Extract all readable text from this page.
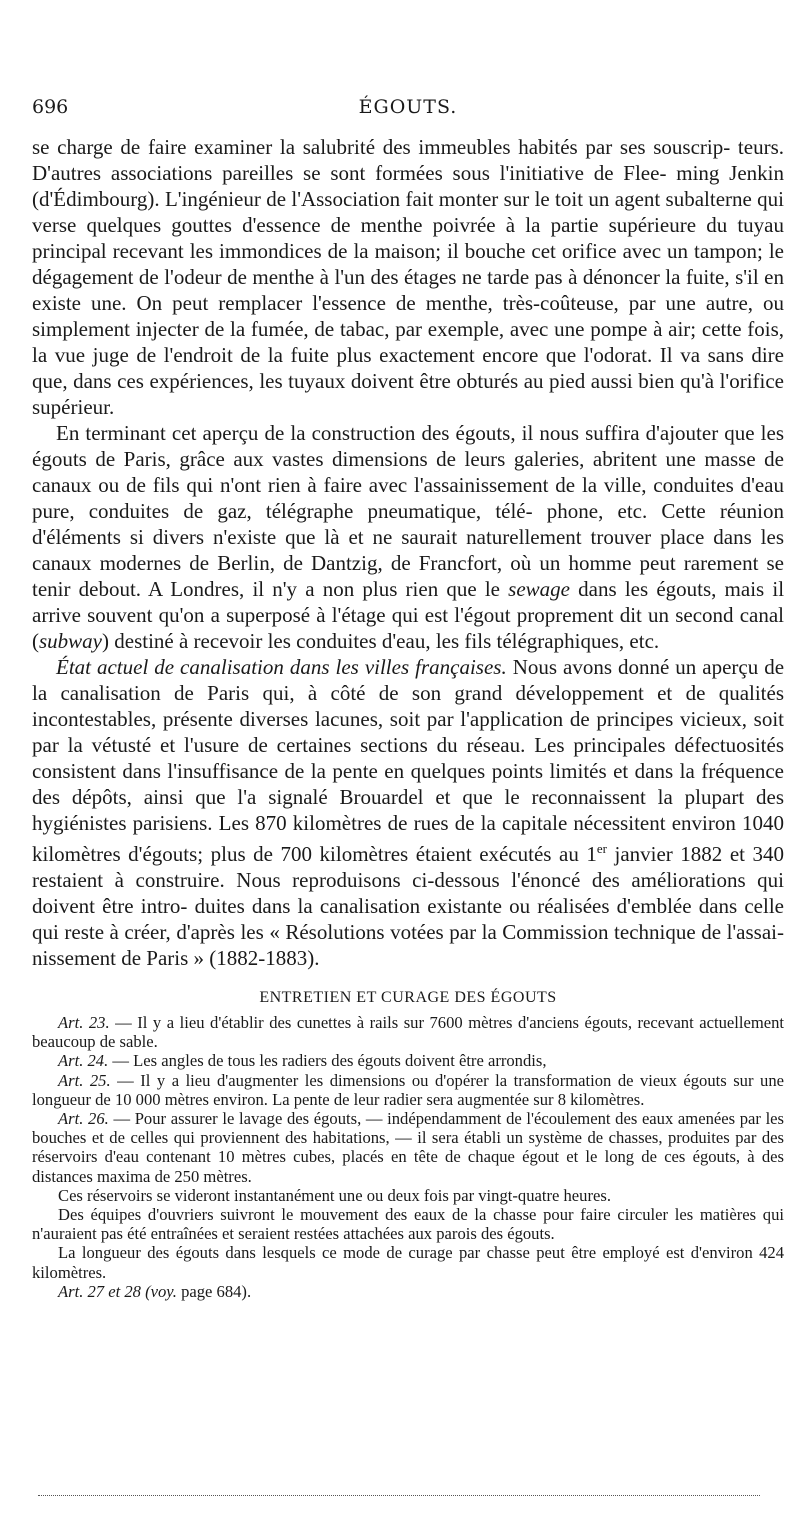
696	ÉGOUTS.

se charge de faire examiner la salubrité des immeubles habités par ses souscrip- teurs. D'autres associations pareilles se sont formées sous l'initiative de Flee- ming Jenkin (d'Édimbourg). L'ingénieur de l'Association fait monter sur le toit un agent subalterne qui verse quelques gouttes d'essence de menthe poivrée à la partie supérieure du tuyau principal recevant les immondices de la maison; il bouche cet orifice avec un tampon; le dégagement de l'odeur de menthe à l'un des étages ne tarde pas à dénoncer la fuite, s'il en existe une. On peut remplacer l'essence de menthe, très-coûteuse, par une autre, ou simplement injecter de la fumée, de tabac, par exemple, avec une pompe à air; cette fois, la vue juge de l'endroit de la fuite plus exactement encore que l'odorat. Il va sans dire que, dans ces expériences, les tuyaux doivent être obturés au pied aussi bien qu'à l'orifice supérieur.

En terminant cet aperçu de la construction des égouts, il nous suffira d'ajouter que les égouts de Paris, grâce aux vastes dimensions de leurs galeries, abritent une masse de canaux ou de fils qui n'ont rien à faire avec l'assainissement de la ville, conduites d'eau pure, conduites de gaz, télégraphe pneumatique, télé- phone, etc. Cette réunion d'éléments si divers n'existe que là et ne saurait naturellement trouver place dans les canaux modernes de Berlin, de Dantzig, de Francfort, où un homme peut rarement se tenir debout. A Londres, il n'y a non plus rien que le sewage dans les égouts, mais il arrive souvent qu'on a superposé à l'étage qui est l'égout proprement dit un second canal (subway) destiné à recevoir les conduites d'eau, les fils télégraphiques, etc.

État actuel de canalisation dans les villes françaises. Nous avons donné un aperçu de la canalisation de Paris qui, à côté de son grand développement et de qualités incontestables, présente diverses lacunes, soit par l'application de principes vicieux, soit par la vétusté et l'usure de certaines sections du réseau. Les principales défectuosités consistent dans l'insuffisance de la pente en quelques points limités et dans la fréquence des dépôts, ainsi que l'a signalé Brouardel et que le reconnaissent la plupart des hygiénistes parisiens. Les 870 kilomètres de rues de la capitale nécessitent environ 1040 kilomètres d'égouts; plus de 700 kilomètres étaient exécutés au 1er janvier 1882 et 340 restaient à construire. Nous reproduisons ci-dessous l'énoncé des améliorations qui doivent être intro- duites dans la canalisation existante ou réalisées d'emblée dans celle qui reste à créer, d'après les « Résolutions votées par la Commission technique de l'assai- nissement de Paris » (1882-1883).

ENTRETIEN ET CURAGE DES ÉGOUTS

Art. 23. — Il y a lieu d'établir des cunettes à rails sur 7600 mètres d'anciens égouts, recevant actuellement beaucoup de sable.

Art. 24. — Les angles de tous les radiers des égouts doivent être arrondis,

Art. 25. — Il y a lieu d'augmenter les dimensions ou d'opérer la transformation de vieux égouts sur une longueur de 10 000 mètres environ. La pente de leur radier sera augmentée sur 8 kilomètres.

Art. 26. — Pour assurer le lavage des égouts, — indépendamment de l'écoulement des eaux amenées par les bouches et de celles qui proviennent des habitations, — il sera établi un système de chasses, produites par des réservoirs d'eau contenant 10 mètres cubes, placés en tête de chaque égout et le long de ces égouts, à des distances maxima de 250 mètres.

Ces réservoirs se videront instantanément une ou deux fois par vingt-quatre heures.

Des équipes d'ouvriers suivront le mouvement des eaux de la chasse pour faire circuler les matières qui n'auraient pas été entraînées et seraient restées attachées aux parois des égouts.

La longueur des égouts dans lesquels ce mode de curage par chasse peut être employé est d'environ 424 kilomètres.

Art. 27 et 28 (voy. page 684).
